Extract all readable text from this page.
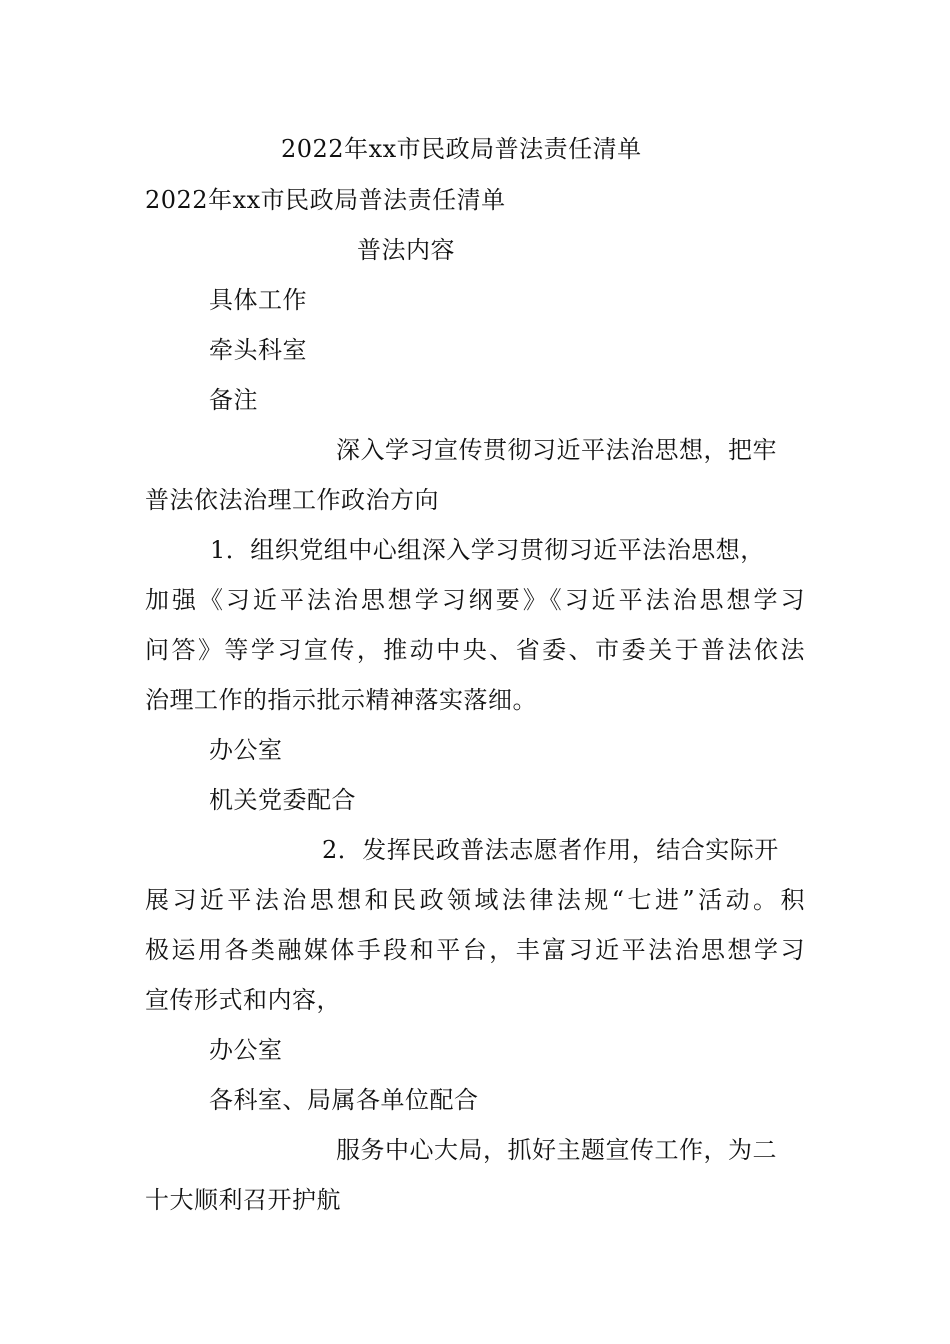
2022年xx市民政局普法责任清单
2022年xx市民政局普法责任清单
普法内容
具体工作
牵头科室
备注
深入学习宣传贯彻习近平法治思想，把牢
普法依法治理工作政治方向
1．组织党组中心组深入学习贯彻习近平法治思想，
加强《习近平法治思想学习纲要》《习近平法治思想学习
问答》等学习宣传，推动中央、省委、市委关于普法依法
治理工作的指示批示精神落实落细。
办公室
机关党委配合
2．发挥民政普法志愿者作用，结合实际开
展习近平法治思想和民政领域法律法规“七进”活动。积
极运用各类融媒体手段和平台，丰富习近平法治思想学习
宣传形式和内容，
办公室
各科室、局属各单位配合
服务中心大局，抓好主题宣传工作，为二
十大顺利召开护航
